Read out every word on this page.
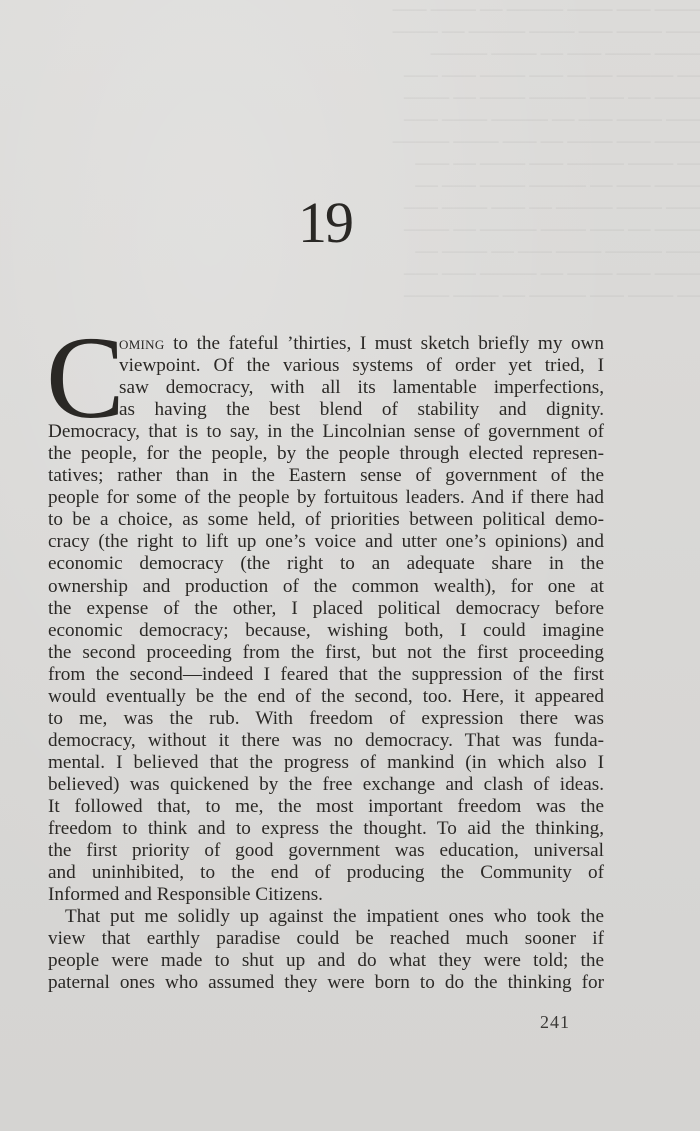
──── ─── ──── ───── ── ──── ───
─── ──── ─── ──── ───── ── ────
──── ──── ─── ── ──── ─────
── ───── ──── ─── ──── ─── ───
──── ── ─── ───── ──── ── ────
─── ──── ─── ── ───── ──── ───
──── ─── ──── ── ─── ──── ─────
── ──── ───── ─── ──── ── ───
──── ─── ── ───── ──── ─── ──
─── ──── ───── ── ─── ──── ───
──── ── ─── ──── ───── ── ────
─── ───── ──── ─── ── ──── ──
──── ─── ──── ── ───── ─── ───
── ──── ─── ───── ── ──── ────
19
C
oming to the fateful ’thirties, I must sketch briefly my own
viewpoint. Of the various systems of order yet tried, I
saw democracy, with all its lamentable imperfections,
as having the best blend of stability and dignity.
Democracy, that is to say, in the Lincolnian sense of government of
the people, for the people, by the people through elected represen-
tatives; rather than in the Eastern sense of government of the
people for some of the people by fortuitous leaders. And if there had
to be a choice, as some held, of priorities between political demo-
cracy (the right to lift up one’s voice and utter one’s opinions) and
economic democracy (the right to an adequate share in the
ownership and production of the common wealth), for one at
the expense of the other, I placed political democracy before
economic democracy; because, wishing both, I could imagine
the second proceeding from the first, but not the first proceeding
from the second—indeed I feared that the suppression of the first
would eventually be the end of the second, too. Here, it appeared
to me, was the rub. With freedom of expression there was
democracy, without it there was no democracy. That was funda-
mental. I believed that the progress of mankind (in which also I
believed) was quickened by the free exchange and clash of ideas.
It followed that, to me, the most important freedom was the
freedom to think and to express the thought. To aid the thinking,
the first priority of good government was education, universal
and uninhibited, to the end of producing the Community of
Informed and Responsible Citizens.
That put me solidly up against the impatient ones who took the
view that earthly paradise could be reached much sooner if
people were made to shut up and do what they were told; the
paternal ones who assumed they were born to do the thinking for
241
